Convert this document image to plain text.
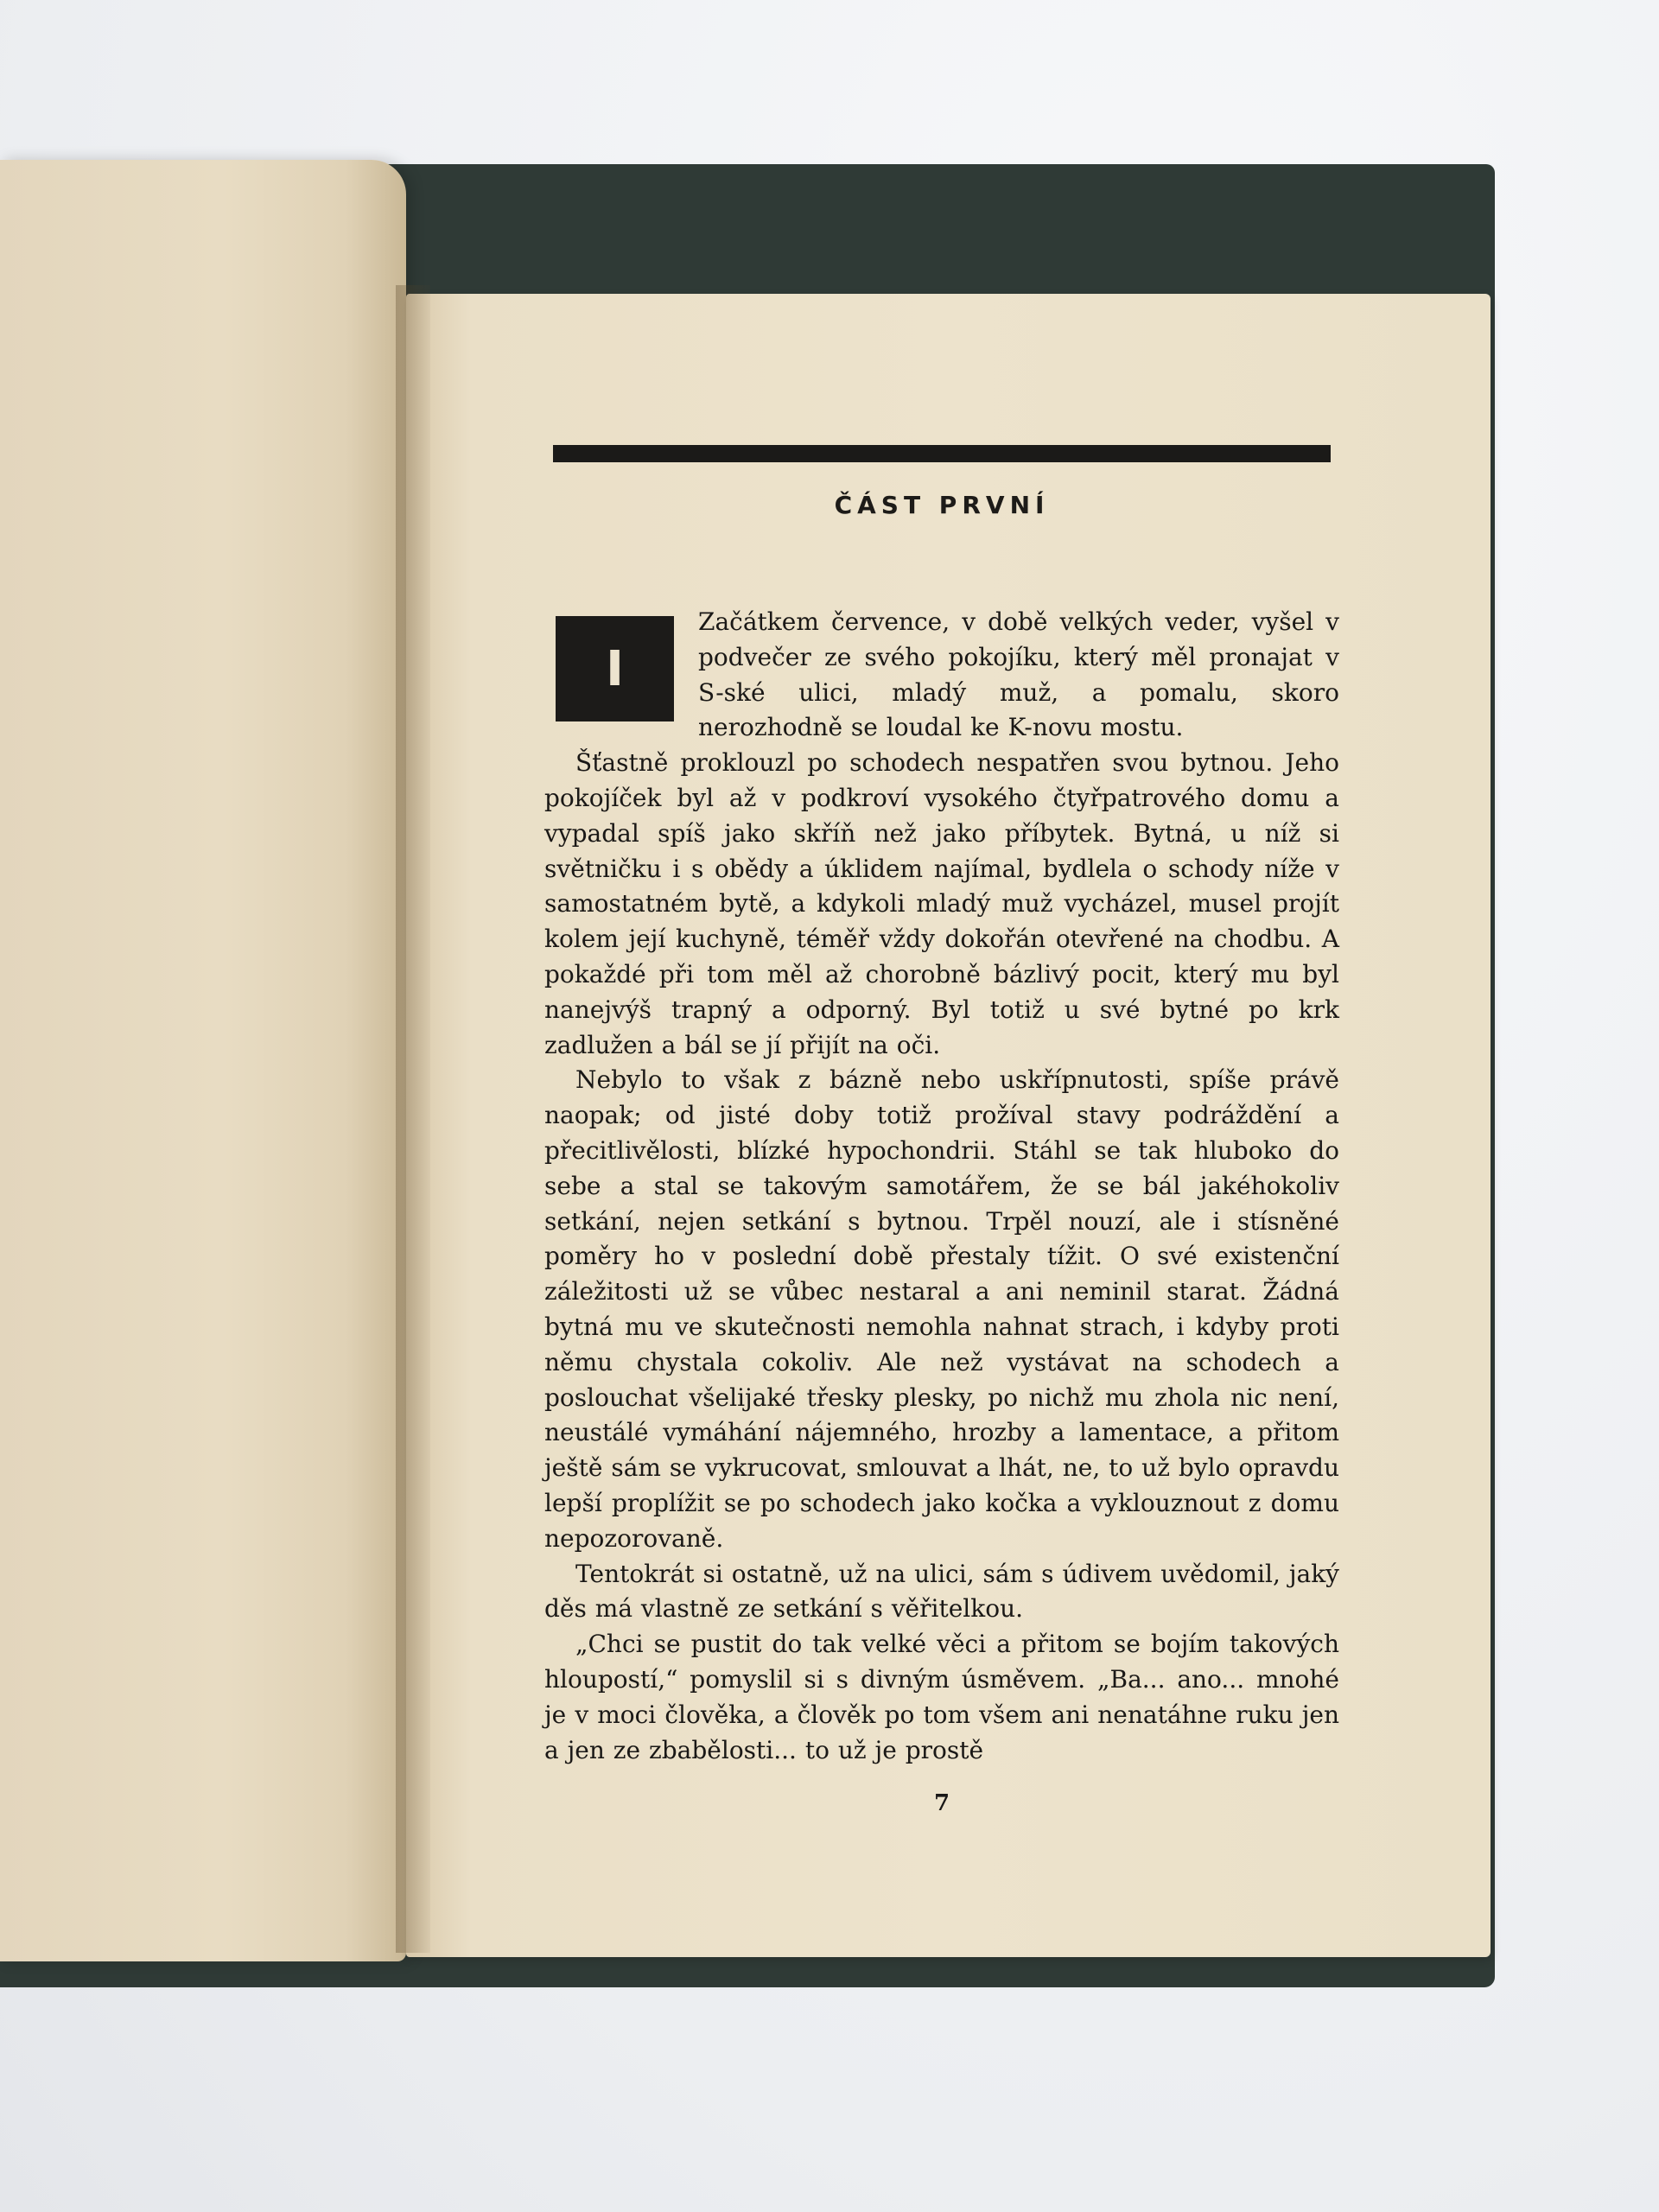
ČÁST PRVNÍ
I

Začátkem července, v době velkých veder, vyšel v podvečer ze svého pokojíku, který měl pronajat v S-ské ulici, mladý muž, a pomalu, skoro nerozhodně se loudal ke K-novu mostu.

Šťastně proklouzl po schodech nespatřen svou bytnou. Jeho pokojíček byl až v podkroví vysokého čtyřpatrového domu a vypadal spíš jako skříň než jako příbytek. Bytná, u níž si světničku i s obědy a úklidem najímal, bydlela o schody níže v samostatném bytě, a kdykoli mladý muž vycházel, musel projít kolem její kuchyně, téměř vždy dokořán otevřené na chodbu. A pokaždé při tom měl až chorobně bázlivý pocit, který mu byl nanejvýš trapný a odporný. Byl totiž u své bytné po krk zadlužen a bál se jí přijít na oči.

Nebylo to však z bázně nebo uskřípnutosti, spíše právě naopak; od jisté doby totiž prožíval stavy podráždění a přecitlivělosti, blízké hypochondrii. Stáhl se tak hluboko do sebe a stal se takovým samotářem, že se bál jakéhokoliv setkání, nejen setkání s bytnou. Trpěl nouzí, ale i stísněné poměry ho v poslední době přestaly tížit. O své existenční záležitosti už se vůbec nestaral a ani neminil starat. Žádná bytná mu ve skutečnosti nemohla nahnat strach, i kdyby proti němu chystala cokoliv. Ale než vystávat na schodech a poslouchat všelijaké třesky plesky, po nichž mu zhola nic není, neustálé vymáhání nájemného, hrozby a lamentace, a přitom ještě sám se vykrucovat, smlouvat a lhát, ne, to už bylo opravdu lepší proplížit se po schodech jako kočka a vyklouznout z domu nepozorovaně.

Tentokrát si ostatně, už na ulici, sám s údivem uvědomil, jaký děs má vlastně ze setkání s věřitelkou.

„Chci se pustit do tak velké věci a přitom se bojím takových hloupostí,“ pomyslil si s divným úsměvem. „Ba... ano... mnohé je v moci člověka, a člověk po tom všem ani nenatáhne ruku jen a jen ze zbabělosti... to už je prostě

7
